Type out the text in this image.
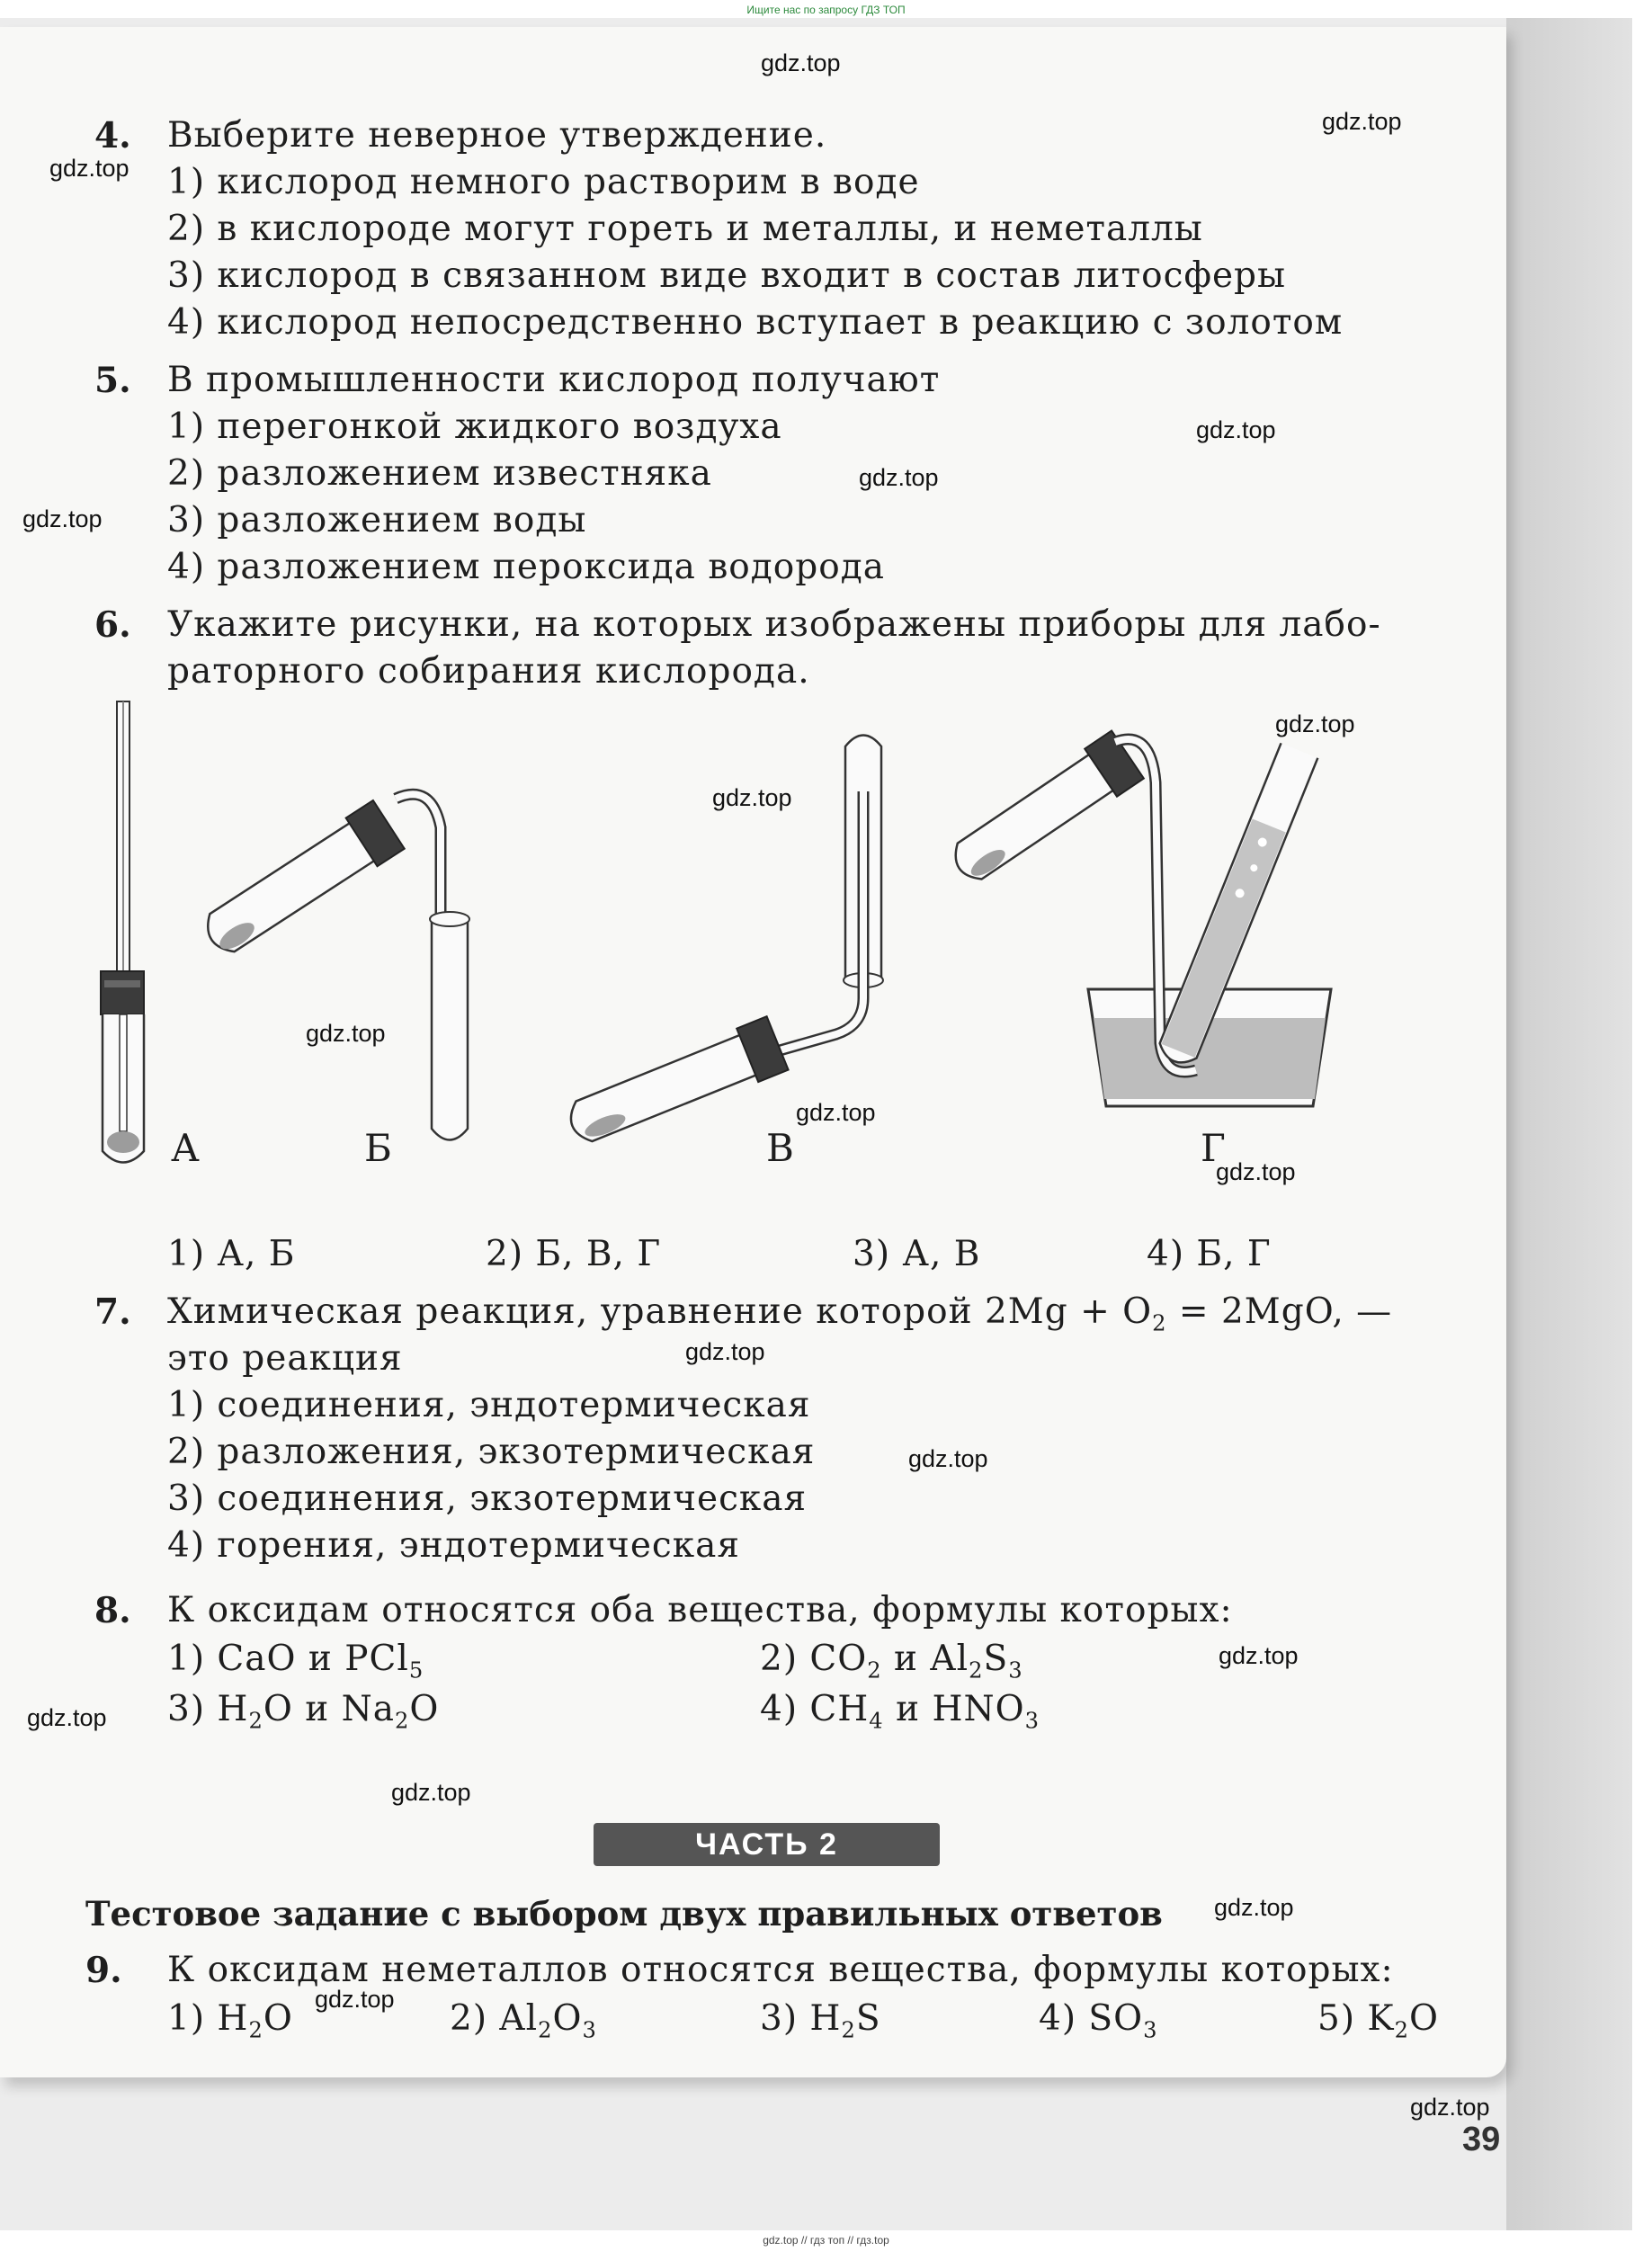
Ищите нас по запросу ГДЗ ТОП
gdz.top
gdz.top
gdz.top
gdz.top
gdz.top
gdz.top
gdz.top
gdz.top
gdz.top
gdz.top
gdz.top
gdz.top
gdz.top
gdz.top
gdz.top
gdz.top
gdz.top
gdz.top
gdz.top
4. Выберите неверное утверждение.
1) кислород немного растворим в воде
2) в кислороде могут гореть и металлы, и неметаллы
3) кислород в связанном виде входит в состав литосферы
4) кислород непосредственно вступает в реакцию с золотом
5. В промышленности кислород получают
1) перегонкой жидкого воздуха
2) разложением известняка
3) разложением воды
4) разложением пероксида водорода
6. Укажите рисунки, на которых изображены приборы для лабо-
раторного собирания кислорода.
А	Б	В	Г
1) А, Б	2) Б, В, Г	3) А, В	4) Б, Г
7. Химическая реакция, уравнение которой $2Mg + O_2 = 2MgO$, —
это реакция
1) соединения, эндотермическая
2) разложения, экзотермическая
3) соединения, экзотермическая
4) горения, эндотермическая
8. К оксидам относятся оба вещества, формулы которых:
1) CaO и PCl$_5$	2) $CO_2$ и $Al_2S_3$
3) $H_2O$ и $Na_2O$	4) $CH_4$ и $HNO_3$
ЧАСТЬ 2
Тестовое задание с выбором двух правильных ответов
9. К оксидам неметаллов относятся вещества, формулы которых:
1) $H_2O$	2) $Al_2O_3$	3) $H_2S$	4) $SO_3$	5) $K_2O$
39
gdz.top // гдз топ // гдз.top
